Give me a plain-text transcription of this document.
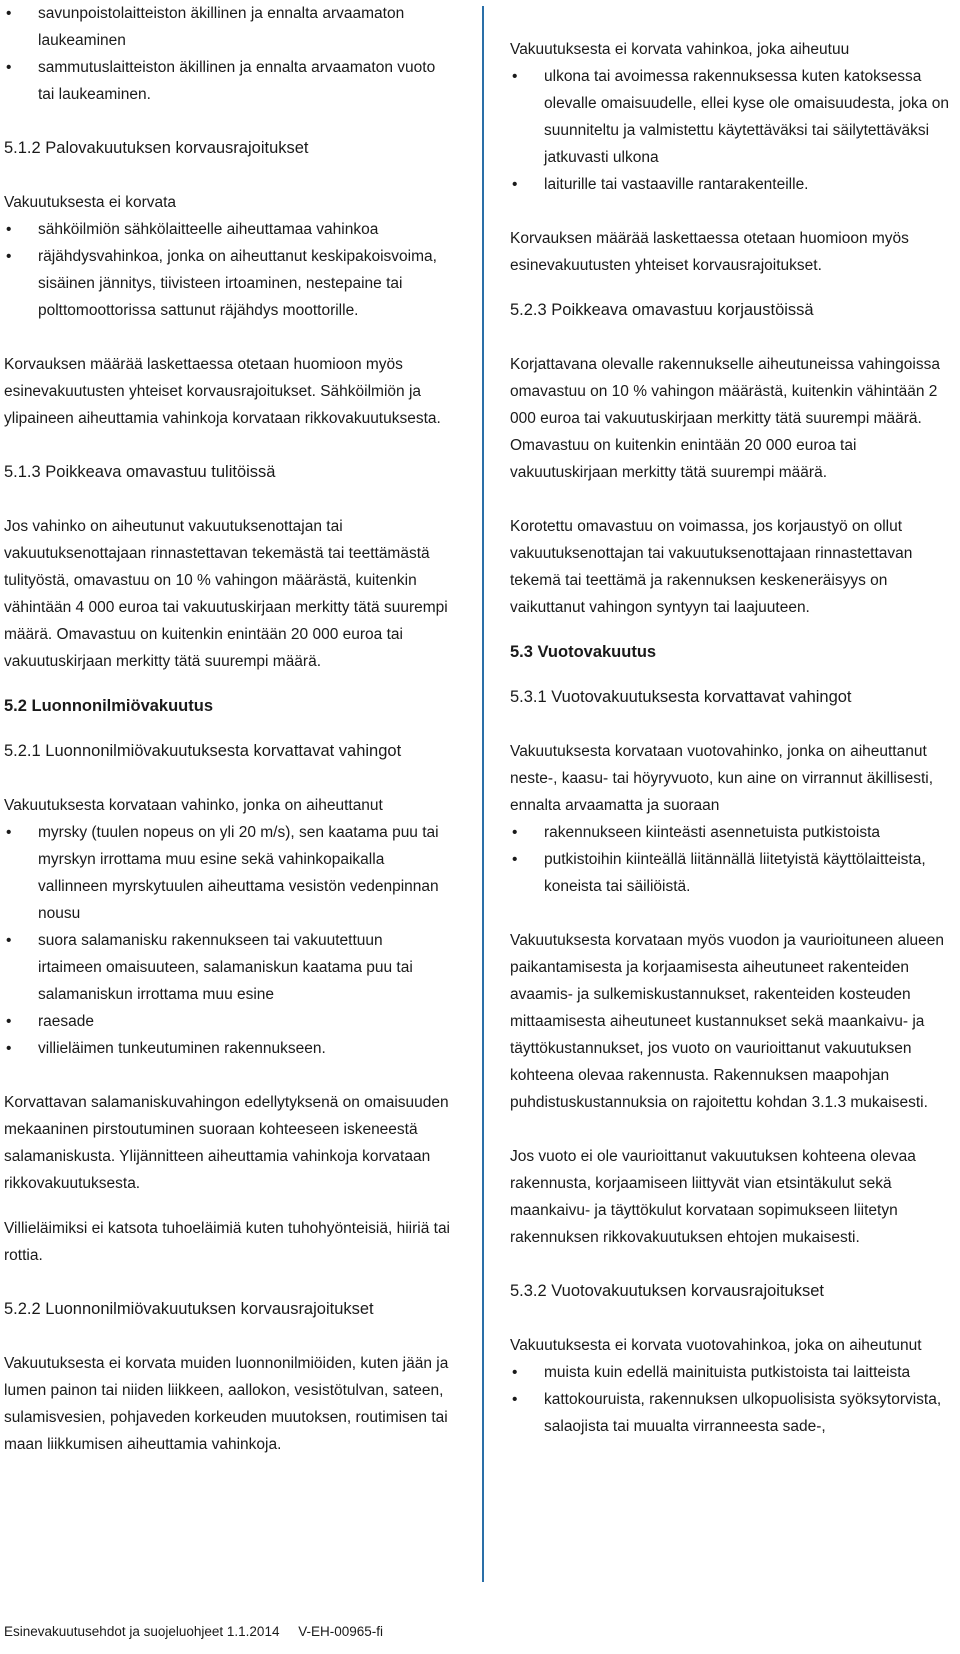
• savunpoistolaitteiston äkillinen ja ennalta arvaamaton laukeaminen
• sammutuslaitteiston äkillinen ja ennalta arvaamaton vuoto tai laukeaminen.

5.1.2 Palovakuutuksen korvausrajoitukset

Vakuutuksesta ei korvata

• sähköilmiön sähkölaitteelle aiheuttamaa vahinkoa
• räjähdysvahinkoa, jonka on aiheuttanut keskipakoisvoima, sisäinen jännitys, tiivisteen irtoaminen, nestepaine tai polttomoottorissa sattunut räjähdys moottorille.

Korvauksen määrää laskettaessa otetaan huomioon myös esinevakuutusten yhteiset korvausrajoitukset. Sähköilmiön ja ylipaineen aiheuttamia vahinkoja korvataan rikkovakuutuksesta.

5.1.3 Poikkeava omavastuu tulitöissä

Jos vahinko on aiheutunut vakuutuksenottajan tai vakuutuksenottajaan rinnastettavan tekemästä tai teettämästä tulityöstä, omavastuu on 10 % vahingon määrästä, kuitenkin vähintään 4 000 euroa tai vakuutuskirjaan merkitty tätä suurempi määrä. Omavastuu on kuitenkin enintään 20 000 euroa tai vakuutuskirjaan merkitty tätä suurempi määrä.

5.2 Luonnonilmiövakuutus

5.2.1 Luonnonilmiövakuutuksesta korvattavat vahingot

Vakuutuksesta korvataan vahinko, jonka on aiheuttanut

• myrsky (tuulen nopeus on yli 20 m/s), sen kaatama puu tai myrskyn irrottama muu esine sekä vahinkopaikalla vallinneen myrskytuulen aiheuttama vesistön vedenpinnan nousu
• suora salamanisku rakennukseen tai vakuutettuun irtaimeen omaisuuteen, salamaniskun kaatama puu tai salamaniskun irrottama muu esine
• raesade
• villieläimen tunkeutuminen rakennukseen.

Korvattavan salamaniskuvahingon edellytyksenä on omaisuuden mekaaninen pirstoutuminen suoraan kohteeseen iskeneestä salamaniskusta. Ylijännitteen aiheuttamia vahinkoja korvataan rikkovakuutuksesta.

Villieläimiksi ei katsota tuhoeläimiä kuten tuhohyönteisiä, hiiriä tai rottia.

5.2.2 Luonnonilmiövakuutuksen korvausrajoitukset

Vakuutuksesta ei korvata muiden luonnonilmiöiden, kuten jään ja lumen painon tai niiden liikkeen, aallokon, vesistötulvan, sateen, sulamisvesien, pohjaveden korkeuden muutoksen, routimisen tai maan liikkumisen aiheuttamia vahinkoja.

Vakuutuksesta ei korvata vahinkoa, joka aiheutuu

• ulkona tai avoimessa rakennuksessa kuten katoksessa olevalle omaisuudelle, ellei kyse ole omaisuudesta, joka on suunniteltu ja valmistettu käytettäväksi tai säilytettäväksi jatkuvasti ulkona
• laiturille tai vastaaville rantarakenteille.

Korvauksen määrää laskettaessa otetaan huomioon myös esinevakuutusten yhteiset korvausrajoitukset.

5.2.3 Poikkeava omavastuu korjaustöissä

Korjattavana olevalle rakennukselle aiheutuneissa vahingoissa omavastuu on 10 % vahingon määrästä, kuitenkin vähintään 2 000 euroa tai vakuutuskirjaan merkitty tätä suurempi määrä. Omavastuu on kuitenkin enintään 20 000 euroa tai vakuutuskirjaan merkitty tätä suurempi määrä.

Korotettu omavastuu on voimassa, jos korjaustyö on ollut vakuutuksenottajan tai vakuutuksenottajaan rinnastettavan tekemä tai teettämä ja rakennuksen keskeneräisyys on vaikuttanut vahingon syntyyn tai laajuuteen.

5.3 Vuotovakuutus

5.3.1 Vuotovakuutuksesta korvattavat vahingot

Vakuutuksesta korvataan vuotovahinko, jonka on aiheuttanut neste-, kaasu- tai höyryvuoto, kun aine on virrannut äkillisesti, ennalta arvaamatta ja suoraan

• rakennukseen kiinteästi asennetuista putkistoista
• putkistoihin kiinteällä liitännällä liitetyistä käyttölaitteista, koneista tai säiliöistä.

Vakuutuksesta korvataan myös vuodon ja vaurioituneen alueen paikantamisesta ja korjaamisesta aiheutuneet rakenteiden avaamis- ja sulkemiskustannukset, rakenteiden kosteuden mittaamisesta aiheutuneet kustannukset sekä maankaivu- ja täyttökustannukset, jos vuoto on vaurioittanut vakuutuksen kohteena olevaa rakennusta. Rakennuksen maapohjan puhdistuskustannuksia on rajoitettu kohdan 3.1.3 mukaisesti.

Jos vuoto ei ole vaurioittanut vakuutuksen kohteena olevaa rakennusta, korjaamiseen liittyvät vian etsintäkulut sekä maankaivu- ja täyttökulut korvataan sopimukseen liitetyn rakennuksen rikkovakuutuksen ehtojen mukaisesti.

5.3.2 Vuotovakuutuksen korvausrajoitukset

Vakuutuksesta ei korvata vuotovahinkoa, joka on aiheutunut

• muista kuin edellä mainituista putkistoista tai laitteista
• kattokouruista, rakennuksen ulkopuolisista syöksytorvista, salaojista tai muualta virranneesta sade-,
Esinevakuutusehdot ja suojeluohjeet 1.1.2014 V-EH-00965-fi
